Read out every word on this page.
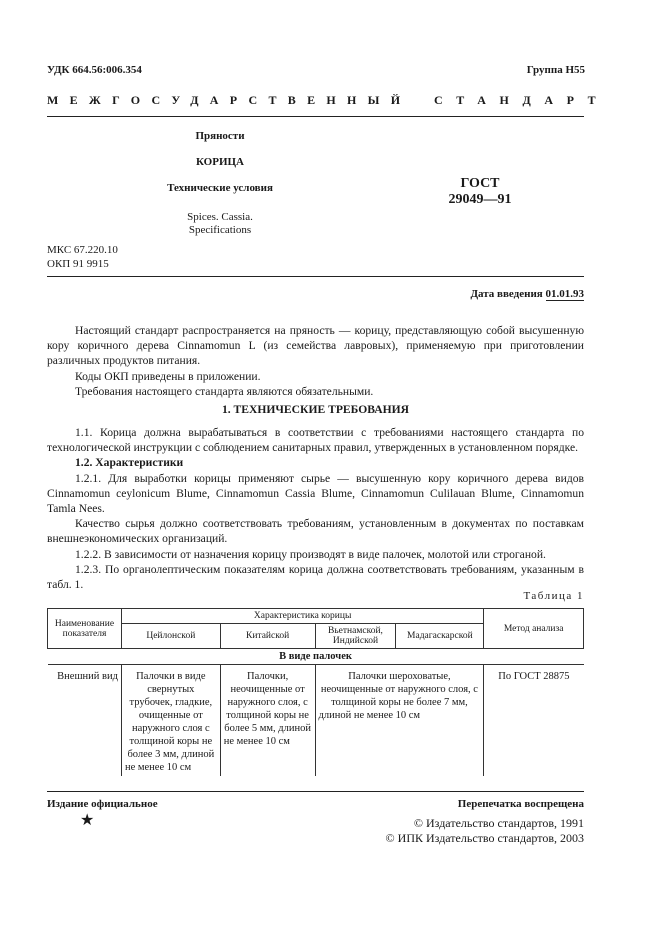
УДК 664.56:006.354	Группа Н55
МЕЖГОСУДАРСТВЕННЫЙ СТАНДАРТ
Пряности
КОРИЦА
Технические условия
Spices. Cassia.
Specifications
ГОСТ
29049—91
МКС 67.220.10
ОКП 91 9915
Дата введения 01.01.93

Настоящий стандарт распространяется на пряность — корицу, представляющую собой высушенную кору коричного дерева Cinnamomun L (из семейства лавровых), применяемую при приготовлении различных продуктов питания.

Коды ОКП приведены в приложении.

Требования настоящего стандарта являются обязательными.

1. ТЕХНИЧЕСКИЕ ТРЕБОВАНИЯ

1.1. Корица должна вырабатываться в соответствии с требованиями настоящего стандарта по технологической инструкции с соблюдением санитарных правил, утвержденных в установленном порядке.

1.2. Характеристики

1.2.1. Для выработки корицы применяют сырье — высушенную кору коричного дерева видов Cinnamomun ceylonicum Blume, Cinnamomun Cassia Blume, Cinnamomun Culilauan Blume, Cinnamomun Tamla Nees.

Качество сырья должно соответствовать требованиям, установленным в документах по поставкам внешнеэкономических организаций.

1.2.2. В зависимости от назначения корицу производят в виде палочек, молотой или строганой.

1.2.3. По органолептическим показателям корица должна соответствовать требованиям, указанным в табл. 1.

Таблица 1
Наименование показателя	Характеристика корицы				Метод анализа
	Цейлонской	Китайской	Вьетнамской, Индийской	Мадагаскарской	
В виде палочек					
Внешний вид	Палочки в виде свернутых трубочек, гладкие, очищенные от наружного слоя с толщиной коры не более 3 мм, длиной не менее 10 см	Палочки, неочищенные от наружного слоя, с толщиной коры не более 5 мм, длиной не менее 10 см	Палочки шероховатые, неочищенные от наружного слоя, с толщиной коры не более 7 мм, длиной не менее 10 см		По ГОСТ 28875
Издание официальное	Перепечатка воспрещена
★	© Издательство стандартов, 1991
© ИПК Издательство стандартов, 2003
